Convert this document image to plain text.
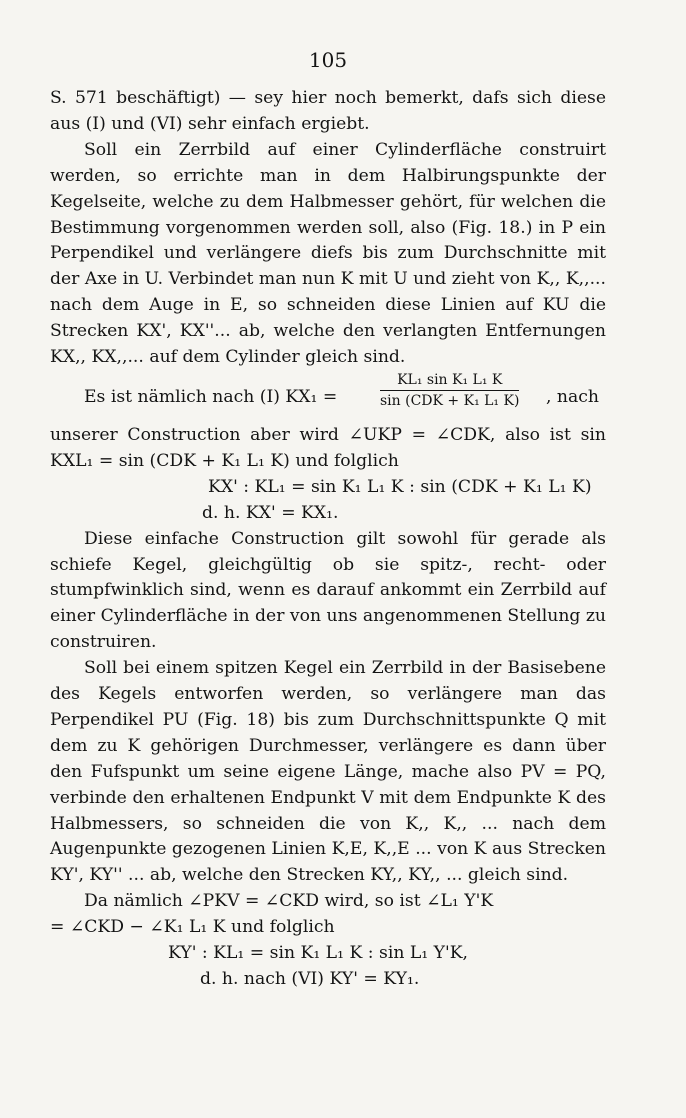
105

S. 571 beschäftigt) — sey hier noch bemerkt, dafs sich diese aus (I) und (VI) sehr einfach ergiebt.

Soll ein Zerrbild auf einer Cylinderfläche construirt werden, so errichte man in dem Halbirungspunkte der Kegelseite, welche zu dem Halbmesser gehört, für welchen die Bestimmung vorgenommen werden soll, also (Fig. 18.) in P ein Perpendikel und verlängere diefs bis zum Durchschnitte mit der Axe in U. Verbindet man nun K mit U und zieht von K,, K,,... nach dem Auge in E, so schneiden diese Linien auf KU die Strecken KX', KX''... ab, welche den verlangten Entfernungen KX,, KX,,... auf dem Cylinder gleich sind.

Es ist nämlich nach (I) KX₁ =
KL₁ sin K₁ L₁ K
sin (CDK + K₁ L₁ K) , nach

unserer Construction aber wird ∠UKP = ∠CDK, also ist sin KXL₁ = sin (CDK + K₁ L₁ K) und folglich

KX' : KL₁ = sin K₁ L₁ K : sin (CDK + K₁ L₁ K)

d. h. KX' = KX₁.

Diese einfache Construction gilt sowohl für gerade als schiefe Kegel, gleichgültig ob sie spitz-, recht- oder stumpfwinklich sind, wenn es darauf ankommt ein Zerrbild auf einer Cylinderfläche in der von uns angenommenen Stellung zu construiren.

Soll bei einem spitzen Kegel ein Zerrbild in der Basisebene des Kegels entworfen werden, so verlängere man das Perpendikel PU (Fig. 18) bis zum Durchschnittspunkte Q mit dem zu K gehörigen Durchmesser, verlängere es dann über den Fufspunkt um seine eigene Länge, mache also PV = PQ, verbinde den erhaltenen Endpunkt V mit dem Endpunkte K des Halbmessers, so schneiden die von K,, K,, ... nach dem Augenpunkte gezogenen Linien K,E, K,,E ... von K aus Strecken KY', KY'' ... ab, welche den Strecken KY,, KY,, ... gleich sind.

Da nämlich ∠PKV = ∠CKD wird, so ist ∠L₁ Y'K

= ∠CKD − ∠K₁ L₁ K und folglich

KY' : KL₁ = sin K₁ L₁ K : sin L₁ Y'K,

d. h. nach (VI) KY' = KY₁.
